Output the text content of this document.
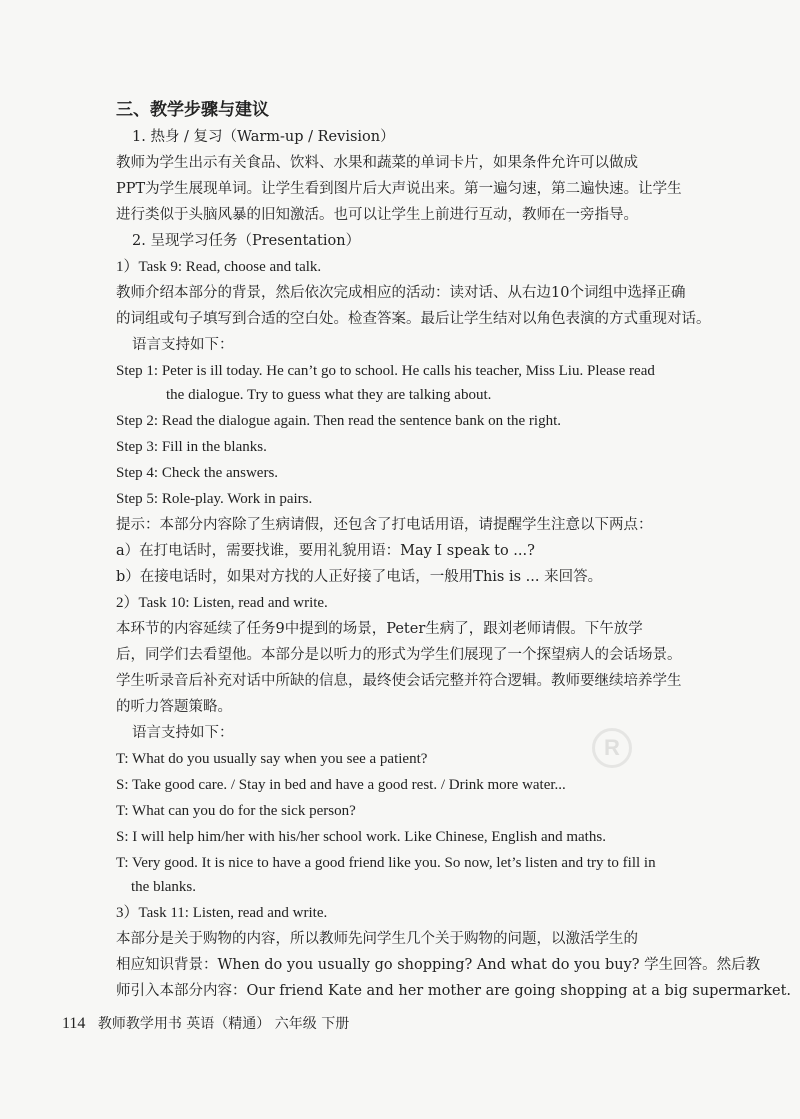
三、教学步骤与建议
1. 热身 / 复习（Warm-up / Revision）
教师为学生出示有关食品、饮料、水果和蔬菜的单词卡片，如果条件允许可以做成
PPT为学生展现单词。让学生看到图片后大声说出来。第一遍匀速，第二遍快速。让学生
进行类似于头脑风暴的旧知激活。也可以让学生上前进行互动，教师在一旁指导。
2. 呈现学习任务（Presentation）
1）Task 9: Read, choose and talk.
教师介绍本部分的背景，然后依次完成相应的活动：读对话、从右边10个词组中选择正确
的词组或句子填写到合适的空白处。检查答案。最后让学生结对以角色表演的方式重现对话。
语言支持如下：
Step 1: Peter is ill today. He can’t go to school. He calls his teacher, Miss Liu. Please read
the dialogue. Try to guess what they are talking about.
Step 2: Read the dialogue again. Then read the sentence bank on the right.
Step 3: Fill in the blanks.
Step 4: Check the answers.
Step 5: Role-play. Work in pairs.
提示：本部分内容除了生病请假，还包含了打电话用语，请提醒学生注意以下两点：
a）在打电话时，需要找谁，要用礼貌用语：May I speak to ...?
b）在接电话时，如果对方找的人正好接了电话，一般用This is ... 来回答。
2）Task 10: Listen, read and write.
本环节的内容延续了任务9中提到的场景，Peter生病了，跟刘老师请假。下午放学
后，同学们去看望他。本部分是以听力的形式为学生们展现了一个探望病人的会话场景。
学生听录音后补充对话中所缺的信息，最终使会话完整并符合逻辑。教师要继续培养学生
的听力答题策略。
语言支持如下：
T: What do you usually say when you see a patient?
S: Take good care. / Stay in bed and have a good rest. / Drink more water...
T: What can you do for the sick person?
S: I will help him/her with his/her school work. Like Chinese, English and maths.
T: Very good. It is nice to have a good friend like you. So now, let’s listen and try to fill in
the blanks.
3）Task 11: Listen, read and write.
本部分是关于购物的内容，所以教师先问学生几个关于购物的问题，以激活学生的
相应知识背景：When do you usually go shopping? And what do you buy? 学生回答。然后教
师引入本部分内容：Our friend Kate and her mother are going shopping at a big supermarket.
R
114 教师教学用书 英语（精通） 六年级 下册
